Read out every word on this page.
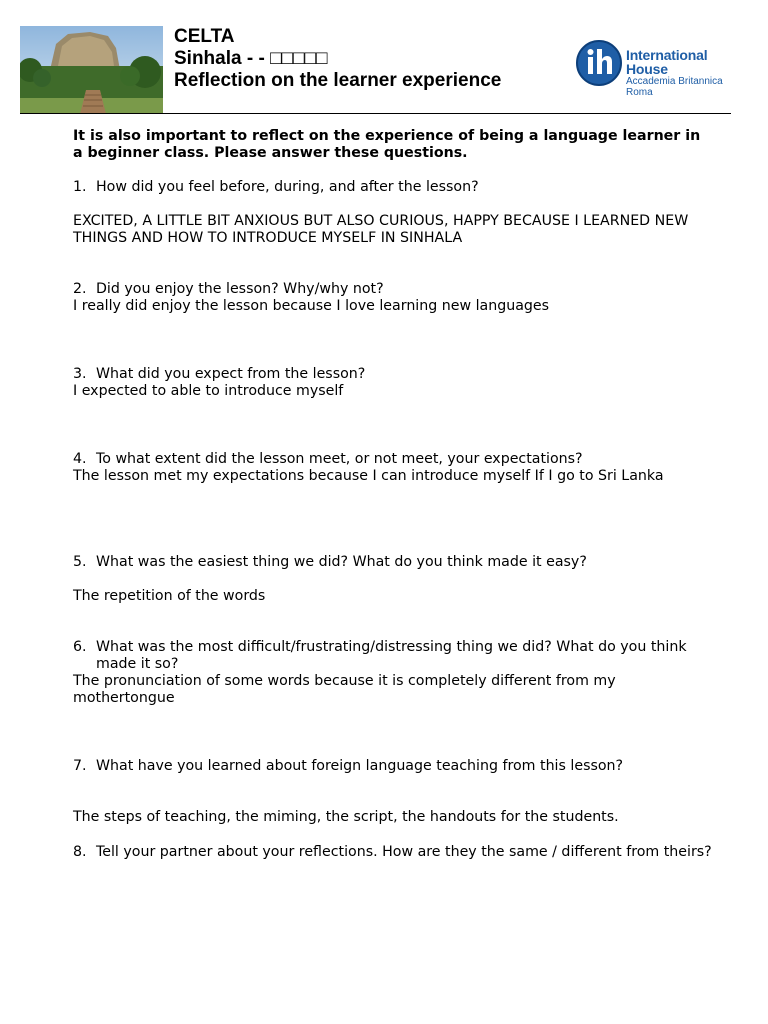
CELTA
Sinhala - - □□□□□
Reflection on the learner experience
International
House
Accademia Britannica
Roma
It is also important to reflect on the experience of being a language learner in a beginner class. Please answer these questions.
1. How did you feel before, during, and after the lesson?
EXCITED, A LITTLE BIT ANXIOUS BUT ALSO CURIOUS, HAPPY BECAUSE I LEARNED NEW THINGS AND HOW TO INTRODUCE MYSELF IN SINHALA
2. Did you enjoy the lesson? Why/why not?
I really did enjoy the lesson because I love learning new languages
3. What did you expect from the lesson?
I expected to able to introduce myself
4. To what extent did the lesson meet, or not meet, your expectations?
The lesson met my expectations because I can introduce myself If I go to Sri Lanka
5. What was the easiest thing we did? What do you think made it easy?
The repetition of the words
6. What was the most difficult/frustrating/distressing thing we did? What do you think made it so?
The pronunciation of some words because it is completely different from my mothertongue
7. What have you learned about foreign language teaching from this lesson?
The steps of teaching, the miming, the script, the handouts for the students.
8. Tell your partner about your reflections. How are they the same / different from theirs?
